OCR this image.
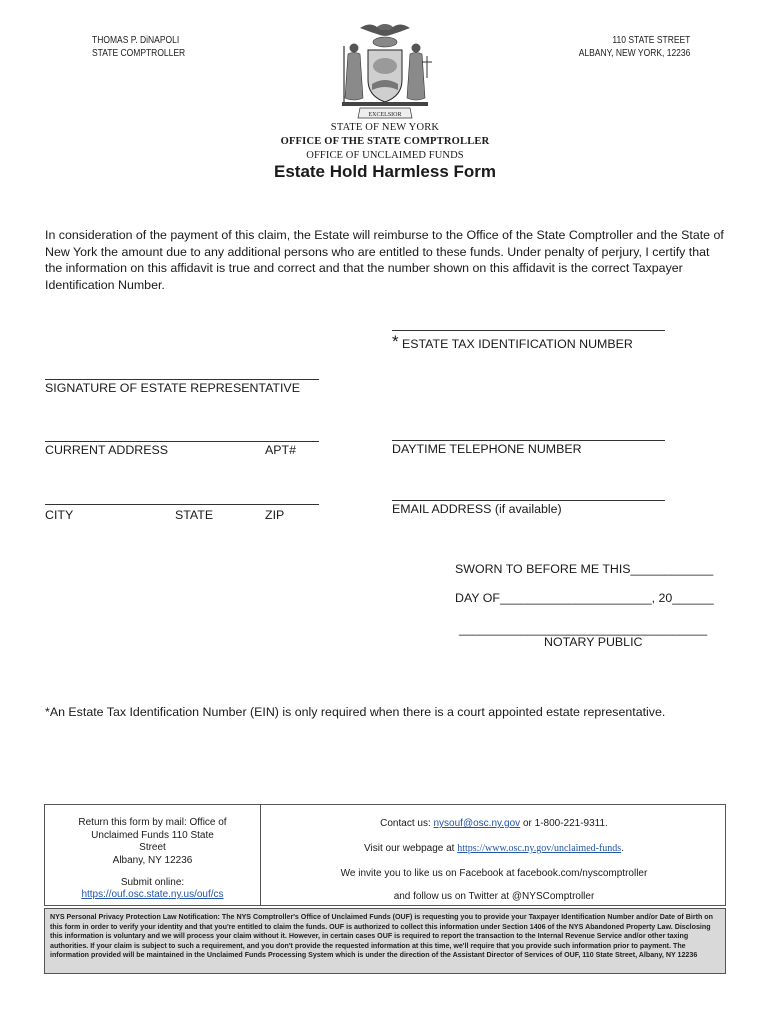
THOMAS P. DiNAPOLI
STATE COMPTROLLER
110 STATE STREET
ALBANY, NEW YORK, 12236
EXCELSIOR
STATE OF NEW YORK
OFFICE OF THE STATE COMPTROLLER
OFFICE OF UNCLAIMED FUNDS
Estate Hold Harmless Form
In consideration of the payment of this claim, the Estate will reimburse to the Office of the State Comptroller and the State of New York the amount due to any additional persons who are entitled to these funds. Under penalty of perjury, I certify that the information on this affidavit is true and correct and that the number shown on this affidavit is the correct Taxpayer Identification Number.
* ESTATE TAX IDENTIFICATION NUMBER
SIGNATURE OF ESTATE REPRESENTATIVE
CURRENT ADDRESS	APT#	DAYTIME TELEPHONE NUMBER
CITY	STATE	ZIP	EMAIL ADDRESS (if available)
SWORN TO BEFORE ME THIS____________
DAY OF______________________, 20______
____________________________________
NOTARY PUBLIC
*An Estate Tax Identification Number (EIN) is only required when there is a court appointed estate representative.
Return this form by mail: Office of
Unclaimed Funds 110 State
Street
Albany, NY 12236
Submit online:
https://ouf.osc.state.ny.us/ouf/cs
Contact us: nysouf@osc.ny.gov or 1-800-221-9311.
Visit our webpage at https://www.osc.ny.gov/unclaimed-funds.
We invite you to like us on Facebook at facebook.com/nyscomptroller
and follow us on Twitter at @NYSComptroller

NYS Personal Privacy Protection Law Notification: The NYS Comptroller's Office of Unclaimed Funds (OUF) is requesting you to provide your Taxpayer Identification Number and/or Date of Birth on this form in order to verify your identity and that you're entitled to claim the funds. OUF is authorized to collect this information under Section 1406 of the NYS Abandoned Property Law. Disclosing this information is voluntary and we will process your claim without it. However, in certain cases OUF is required to report the transaction to the Internal Revenue Service and/or other taxing authorities. If your claim is subject to such a requirement, and you don't provide the requested information at this time, we'll require that you provide such information prior to payment. The information provided will be maintained in the Unclaimed Funds Processing System which is under the direction of the Assistant Director of Services of OUF, 110 State Street, Albany, NY 12236
